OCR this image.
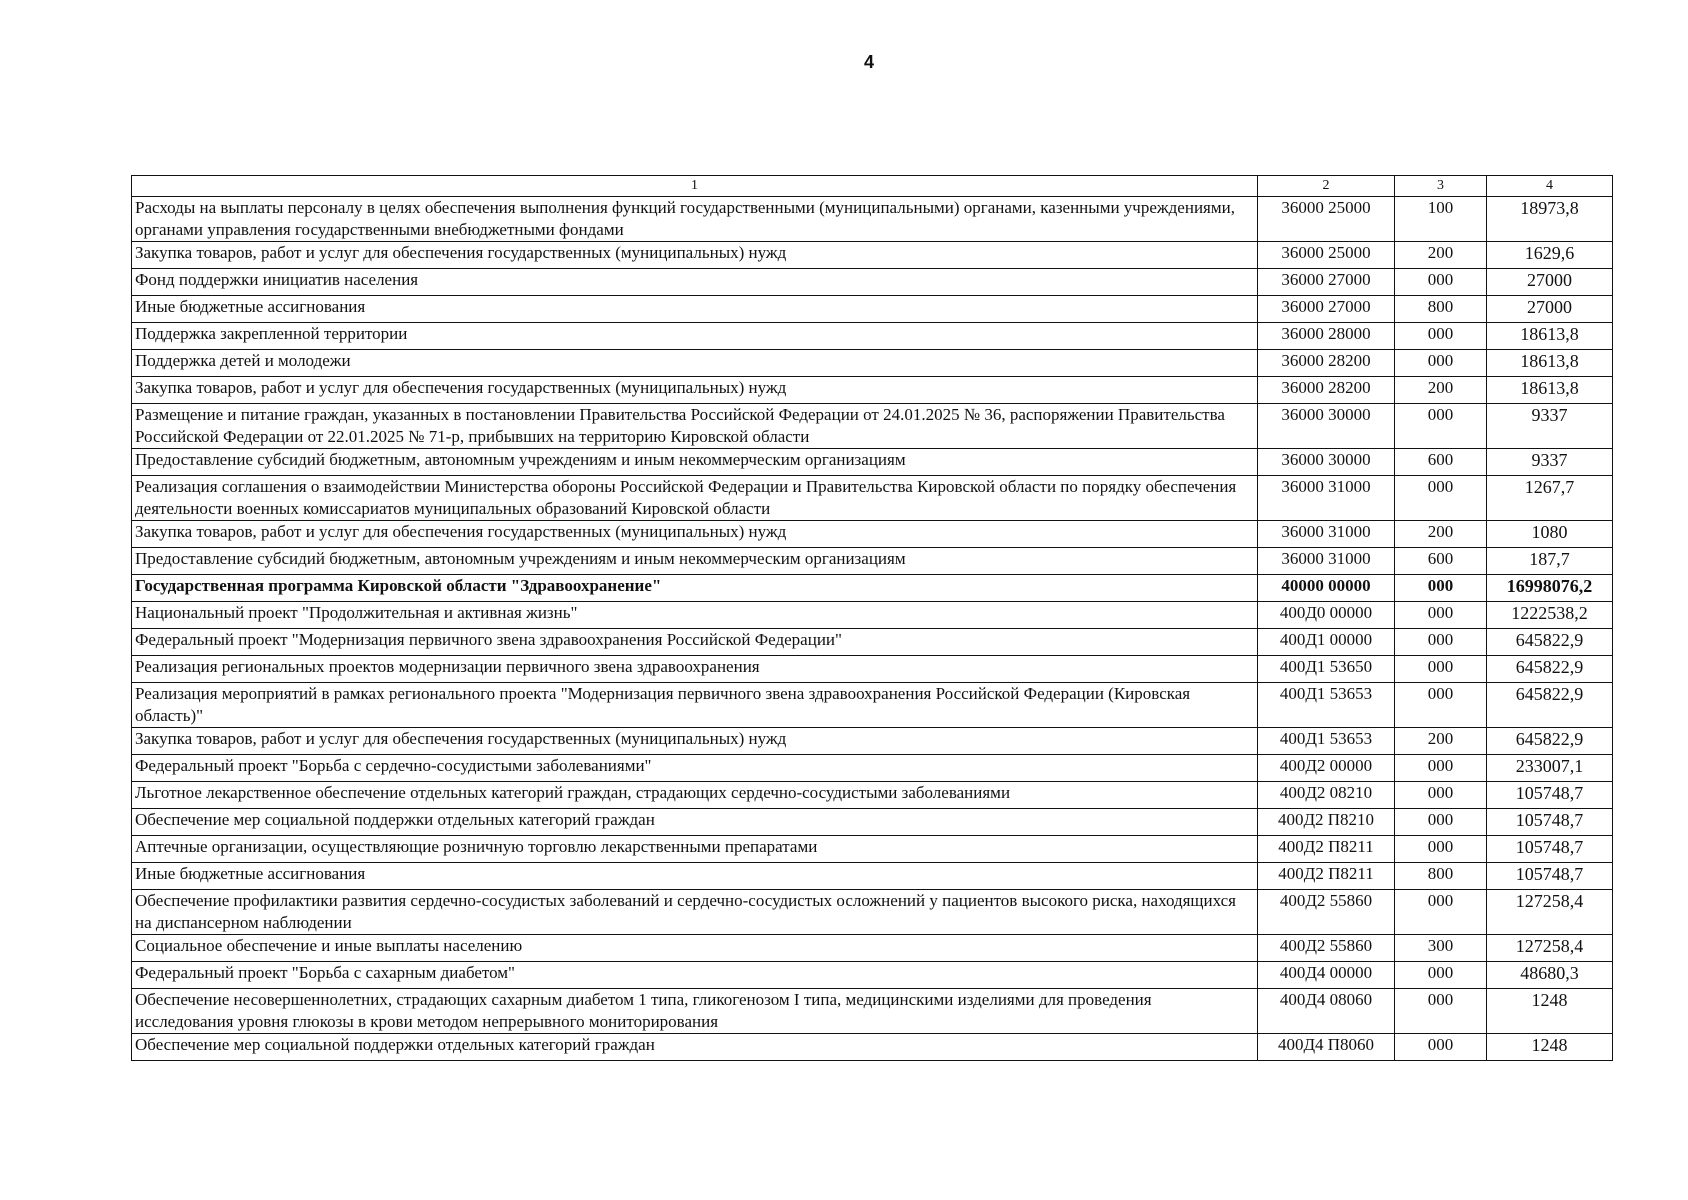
4
1	2	3	4
Расходы на выплаты персоналу в целях обеспечения выполнения функций государственными (муниципальными) органами, казенными учреждениями, органами управления государственными внебюджетными фондами	36000 25000	100	18973,8
Закупка товаров, работ и услуг для обеспечения государственных (муниципальных) нужд	36000 25000	200	1629,6
Фонд поддержки инициатив населения	36000 27000	000	27000
Иные бюджетные ассигнования	36000 27000	800	27000
Поддержка закрепленной территории	36000 28000	000	18613,8
Поддержка детей и молодежи	36000 28200	000	18613,8
Закупка товаров, работ и услуг для обеспечения государственных (муниципальных) нужд	36000 28200	200	18613,8
Размещение и питание граждан, указанных в постановлении Правительства Российской Федерации от 24.01.2025 № 36, распоряжении Правительства Российской Федерации от 22.01.2025 № 71-р, прибывших на территорию Кировской области	36000 30000	000	9337
Предоставление субсидий бюджетным, автономным учреждениям и иным некоммерческим организациям	36000 30000	600	9337
Реализация соглашения о взаимодействии Министерства обороны Российской Федерации и Правительства Кировской области по порядку обеспечения деятельности военных комиссариатов муниципальных образований Кировской области	36000 31000	000	1267,7
Закупка товаров, работ и услуг для обеспечения государственных (муниципальных) нужд	36000 31000	200	1080
Предоставление субсидий бюджетным, автономным учреждениям и иным некоммерческим организациям	36000 31000	600	187,7
Государственная программа Кировской области "Здравоохранение"	40000 00000	000	16998076,2
Национальный проект "Продолжительная и активная жизнь"	400Д0 00000	000	1222538,2
Федеральный проект "Модернизация первичного звена здравоохранения Российской Федерации"	400Д1 00000	000	645822,9
Реализация региональных проектов модернизации первичного звена здравоохранения	400Д1 53650	000	645822,9
Реализация мероприятий в рамках регионального проекта "Модернизация первичного звена здравоохранения Российской Федерации (Кировская область)"	400Д1 53653	000	645822,9
Закупка товаров, работ и услуг для обеспечения государственных (муниципальных) нужд	400Д1 53653	200	645822,9
Федеральный проект "Борьба с сердечно-сосудистыми заболеваниями"	400Д2 00000	000	233007,1
Льготное лекарственное обеспечение отдельных категорий граждан, страдающих сердечно-сосудистыми заболеваниями	400Д2 08210	000	105748,7
Обеспечение мер социальной поддержки отдельных категорий граждан	400Д2 П8210	000	105748,7
Аптечные организации, осуществляющие розничную торговлю лекарственными препаратами	400Д2 П8211	000	105748,7
Иные бюджетные ассигнования	400Д2 П8211	800	105748,7
Обеспечение профилактики развития сердечно-сосудистых заболеваний и сердечно-сосудистых осложнений у пациентов высокого риска, находящихся на диспансерном наблюдении	400Д2 55860	000	127258,4
Социальное обеспечение и иные выплаты населению	400Д2 55860	300	127258,4
Федеральный проект "Борьба с сахарным диабетом"	400Д4 00000	000	48680,3
Обеспечение несовершеннолетних, страдающих сахарным диабетом 1 типа, гликогенозом I типа, медицинскими изделиями для проведения исследования уровня глюкозы в крови методом непрерывного мониторирования	400Д4 08060	000	1248
Обеспечение мер социальной поддержки отдельных категорий граждан	400Д4 П8060	000	1248
